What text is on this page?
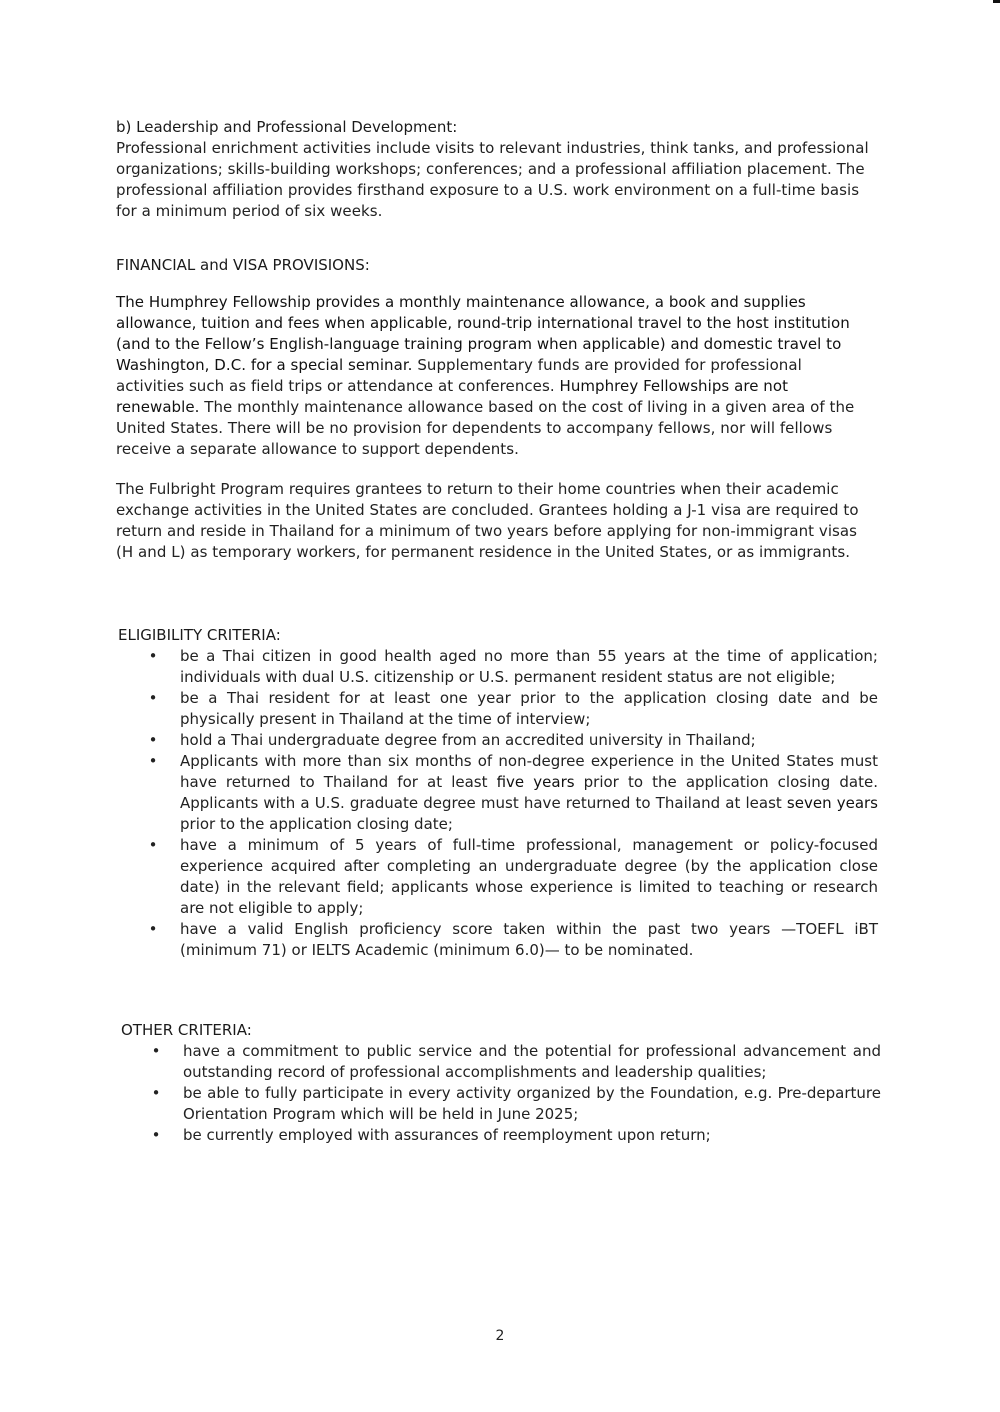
b) Leadership and Professional Development:

Professional enrichment activities include visits to relevant industries, think tanks, and professional organizations; skills-building workshops; conferences; and a professional affiliation placement. The professional affiliation provides firsthand exposure to a U.S. work environment on a full-time basis for a minimum period of six weeks.

FINANCIAL and VISA PROVISIONS:

The Humphrey Fellowship provides a monthly maintenance allowance, a book and supplies allowance, tuition and fees when applicable, round-trip international travel to the host institution (and to the Fellow’s English-language training program when applicable) and domestic travel to Washington, D.C. for a special seminar. Supplementary funds are provided for professional activities such as field trips or attendance at conferences. Humphrey Fellowships are not renewable. The monthly maintenance allowance based on the cost of living in a given area of the United States. There will be no provision for dependents to accompany fellows, nor will fellows receive a separate allowance to support dependents.

The Fulbright Program requires grantees to return to their home countries when their academic exchange activities in the United States are concluded. Grantees holding a J-1 visa are required to return and reside in Thailand for a minimum of two years before applying for non-immigrant visas (H and L) as temporary workers, for permanent residence in the United States, or as immigrants.

ELIGIBILITY CRITERIA:

• be a Thai citizen in good health aged no more than 55 years at the time of application; individuals with dual U.S. citizenship or U.S. permanent resident status are not eligible;
• be a Thai resident for at least one year prior to the application closing date and be physically present in Thailand at the time of interview;
• hold a Thai undergraduate degree from an accredited university in Thailand;
• Applicants with more than six months of non-degree experience in the United States must have returned to Thailand for at least five years prior to the application closing date. Applicants with a U.S. graduate degree must have returned to Thailand at least seven years prior to the application closing date;
• have a minimum of 5 years of full-time professional, management or policy-focused experience acquired after completing an undergraduate degree (by the application close date) in the relevant field; applicants whose experience is limited to teaching or research are not eligible to apply;
• have a valid English proficiency score taken within the past two years —TOEFL iBT (minimum 71) or IELTS Academic (minimum 6.0)— to be nominated.

OTHER CRITERIA:

• have a commitment to public service and the potential for professional advancement and outstanding record of professional accomplishments and leadership qualities;
• be able to fully participate in every activity organized by the Foundation, e.g. Pre-departure Orientation Program which will be held in June 2025;
• be currently employed with assurances of reemployment upon return;
2
